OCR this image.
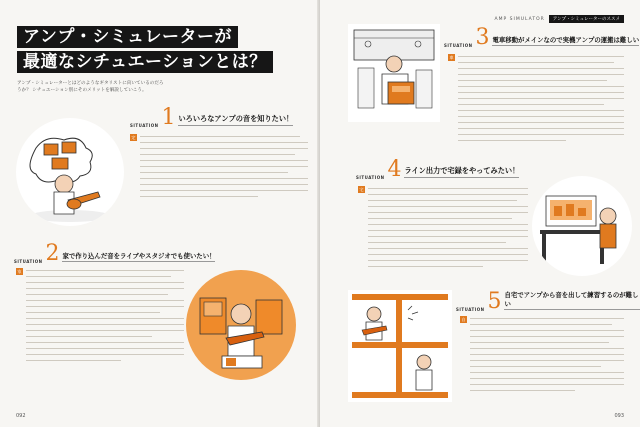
アンプ・シミュレーターが
最適なシチュエーションとは？

アンプ・シミュレーターとはどのようなギタリストに向いているのだろうか？ シチュエーション別にそのメリットを解説していこう。

SITUATION 1 いろいろなアンプの音を知りたい！
定
SITUATION 2 家で作り込んだ音をライブやスタジオでも使いたい！
家
092
AMP SIMULATOR	アンプ・シミュレーターのススメ
SITUATION 3 電車移動がメインなので実機アンプの運搬は難しい
車
SITUATION 4 ライン出力で宅録をやってみたい！
宅
SITUATION 5 自宅でアンプから音を出して練習するのが難しい
自
093
